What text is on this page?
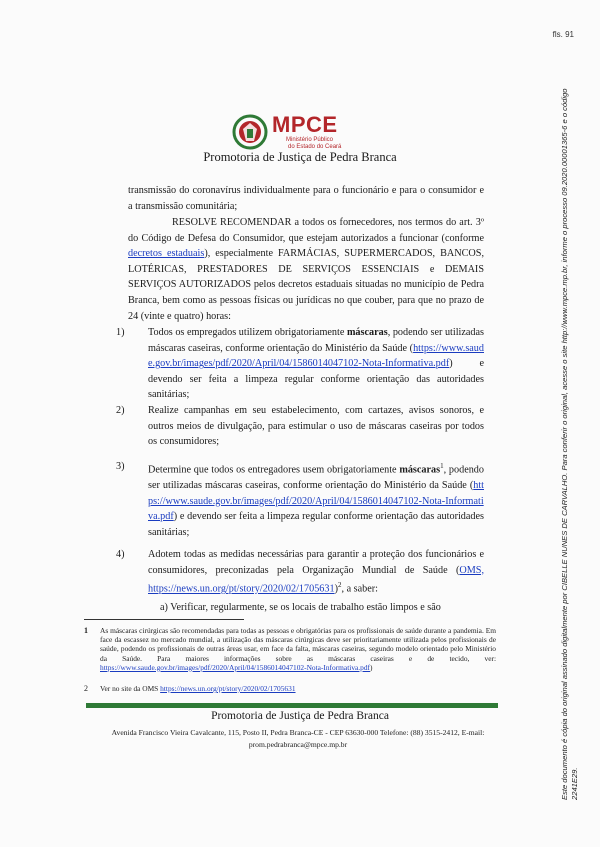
fls. 91
Este documento é cópia do original assinado digitalmente por CIBELLE NUNES DE CARVALHO. Para conferir o original, acesse o site http://www.mpce.mp.br, informe o processo 09.2020.00001365-6 e o código 2241E29.
MPCE
Ministério Público
do Estado do Ceará
Promotoria de Justiça de Pedra Branca
transmissão do coronavírus individualmente para o funcionário e para o consumidor e a transmissão comunitária;
RESOLVE RECOMENDAR a todos os fornecedores, nos termos do art. 3º do Código de Defesa do Consumidor, que estejam autorizados a funcionar (conforme decretos estaduais), especialmente FARMÁCIAS, SUPERMERCADOS, BANCOS, LOTÉRICAS, PRESTADORES DE SERVIÇOS ESSENCIAIS e DEMAIS SERVIÇOS AUTORIZADOS pelos decretos estaduais situadas no município de Pedra Branca, bem como as pessoas físicas ou jurídicas no que couber, para que no prazo de 24 (vinte e quatro) horas:
1) Todos os empregados utilizem obrigatoriamente máscaras, podendo ser utilizadas máscaras caseiras, conforme orientação do Ministério da Saúde (https://www.saude.gov.br/images/pdf/2020/April/04/1586014047102-Nota-Informativa.pdf) e devendo ser feita a limpeza regular conforme orientação das autoridades sanitárias;
2) Realize campanhas em seu estabelecimento, com cartazes, avisos sonoros, e outros meios de divulgação, para estimular o uso de máscaras caseiras por todos os consumidores;
3) Determine que todos os entregadores usem obrigatoriamente máscaras$^1$, podendo ser utilizadas máscaras caseiras, conforme orientação do Ministério da Saúde (https://www.saude.gov.br/images/pdf/2020/April/04/1586014047102-Nota-Informativa.pdf) e devendo ser feita a limpeza regular conforme orientação das autoridades sanitárias;
4) Adotem todas as medidas necessárias para garantir a proteção dos funcionários e consumidores, preconizadas pela Organização Mundial de Saúde (OMS, https://news.un.org/pt/story/2020/02/1705631)$^2$, a saber:
a) Verificar, regularmente, se os locais de trabalho estão limpos e são
1 As máscaras cirúrgicas são recomendadas para todas as pessoas e obrigatórias para os profissionais de saúde durante a pandemia. Em face da escassez no mercado mundial, a utilização das máscaras cirúrgicas deve ser prioritariamente utilizada pelos profissionais de saúde, podendo os profissionais de outras áreas usar, em face da falta, máscaras caseiras, segundo modelo orientado pelo Ministério da Saúde. Para maiores informações sobre as máscaras caseiras e de tecido, ver: https://www.saude.gov.br/images/pdf/2020/April/04/1586014047102-Nota-Informativa.pdf)
2 Ver no site da OMS https://news.un.org/pt/story/2020/02/1705631
Promotoria de Justiça de Pedra Branca
Avenida Francisco Vieira Cavalcante, 115, Posto II, Pedra Branca-CE - CEP 63630-000 Telefone: (88) 3515-2412, E-mail: prom.pedrabranca@mpce.mp.br
